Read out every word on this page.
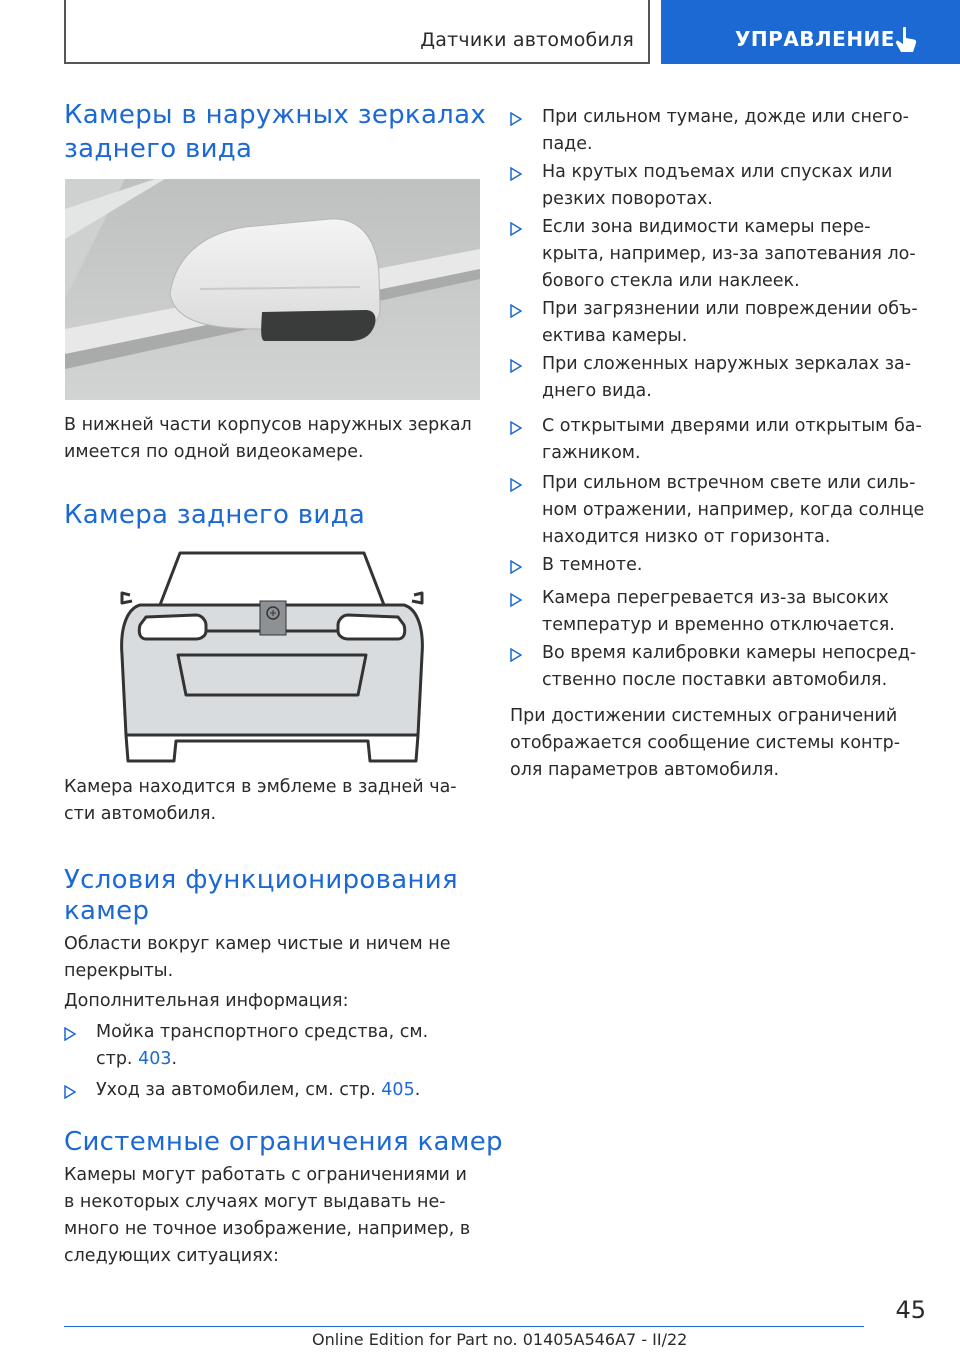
Датчики автомобиля	УПРАВЛЕНИЕ
Камеры в наружных зеркалах
заднего вида

В нижней части корпусов наружных зеркал

имеется по одной видеокамере.

Камера заднего вида

Камера находится в эмблеме в задней ча-

сти автомобиля.

Условия функционирования
камер

Области вокруг камер чистые и ничем не

перекрыты.

Дополнительная информация:

Мойка транспортного средства, см.
стр. 403.
Уход за автомобилем, см. стр. 405.
Системные ограничения камер

Камеры могут работать с ограничениями и

в некоторых случаях могут выдавать не-

много не точное изображение, например, в

следующих ситуациях:

При сильном тумане, дожде или снего-
паде.
На крутых подъемах или спусках или
резких поворотах.
Если зона видимости камеры пере-
крыта, например, из-за запотевания ло-
бового стекла или наклеек.
При загрязнении или повреждении объ-
ектива камеры.
При сложенных наружных зеркалах за-
днего вида.
С открытыми дверями или открытым ба-
гажником.
При сильном встречном свете или силь-
ном отражении, например, когда солнце
находится низко от горизонта.
В темноте.
Камера перегревается из-за высоких
температур и временно отключается.
Во время калибровки камеры непосред-
ственно после поставки автомобиля.

При достижении системных ограничений

отображается сообщение системы контр-

оля параметров автомобиля.

45
Online Edition for Part no. 01405A546A7 - II/22
